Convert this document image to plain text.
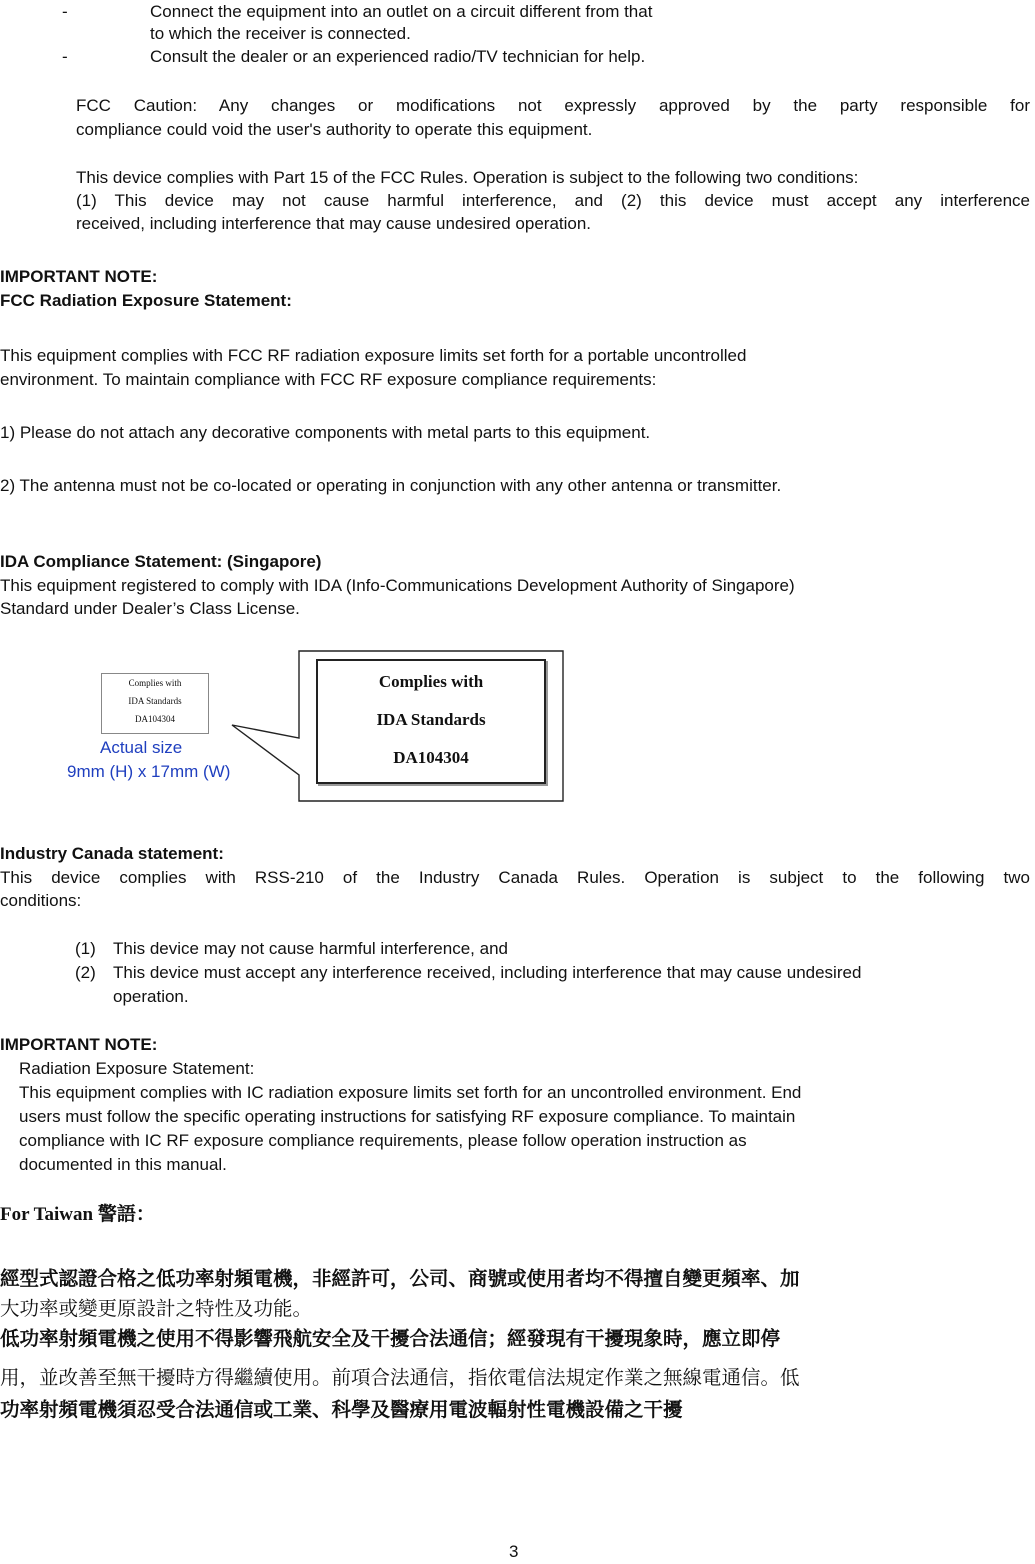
-	Connect the equipment into an outlet on a circuit different from that
to which the receiver is connected.
-	Consult the dealer or an experienced radio/TV technician for help.
FCC Caution: Any changes or modifications not expressly approved by the party responsible for
compliance could void the user's authority to operate this equipment.
This device complies with Part 15 of the FCC Rules. Operation is subject to the following two conditions:
(1) This device may not cause harmful interference, and (2) this device must accept any interference
received, including interference that may cause undesired operation.
IMPORTANT NOTE:
FCC Radiation Exposure Statement:
This equipment complies with FCC RF radiation exposure limits set forth for a portable uncontrolled
environment. To maintain compliance with FCC RF exposure compliance requirements:
1) Please do not attach any decorative components with metal parts to this equipment.
2) The antenna must not be co-located or operating in conjunction with any other antenna or transmitter.
IDA Compliance Statement: (Singapore)
This equipment registered to comply with IDA (Info-Communications Development Authority of Singapore)
Standard under Dealer’s Class License.
Complies with
IDA Standards
DA104304
Actual size
9mm (H) x 17mm (W)
Complies with
IDA Standards
DA104304
Industry Canada statement:
This device complies with RSS-210 of the Industry Canada Rules. Operation is subject to the following two
conditions:
(1) This device may not cause harmful interference, and
(2) This device must accept any interference received, including interference that may cause undesired
operation.
IMPORTANT NOTE:
Radiation Exposure Statement:
This equipment complies with IC radiation exposure limits set forth for an uncontrolled environment. End
users must follow the specific operating instructions for satisfying RF exposure compliance. To maintain
compliance with IC RF exposure compliance requirements, please follow operation instruction as
documented in this manual.
For Taiwan 警語：
經型式認證合格之低功率射頻電機，非經許可，公司、商號或使用者均不得擅自變更頻率、加
大功率或變更原設計之特性及功能。
低功率射頻電機之使用不得影響飛航安全及干擾合法通信；經發現有干擾現象時，應立即停
用，並改善至無干擾時方得繼續使用。前項合法通信，指依電信法規定作業之無線電通信。低
功率射頻電機須忍受合法通信或工業、科學及醫療用電波輻射性電機設備之干擾
3
